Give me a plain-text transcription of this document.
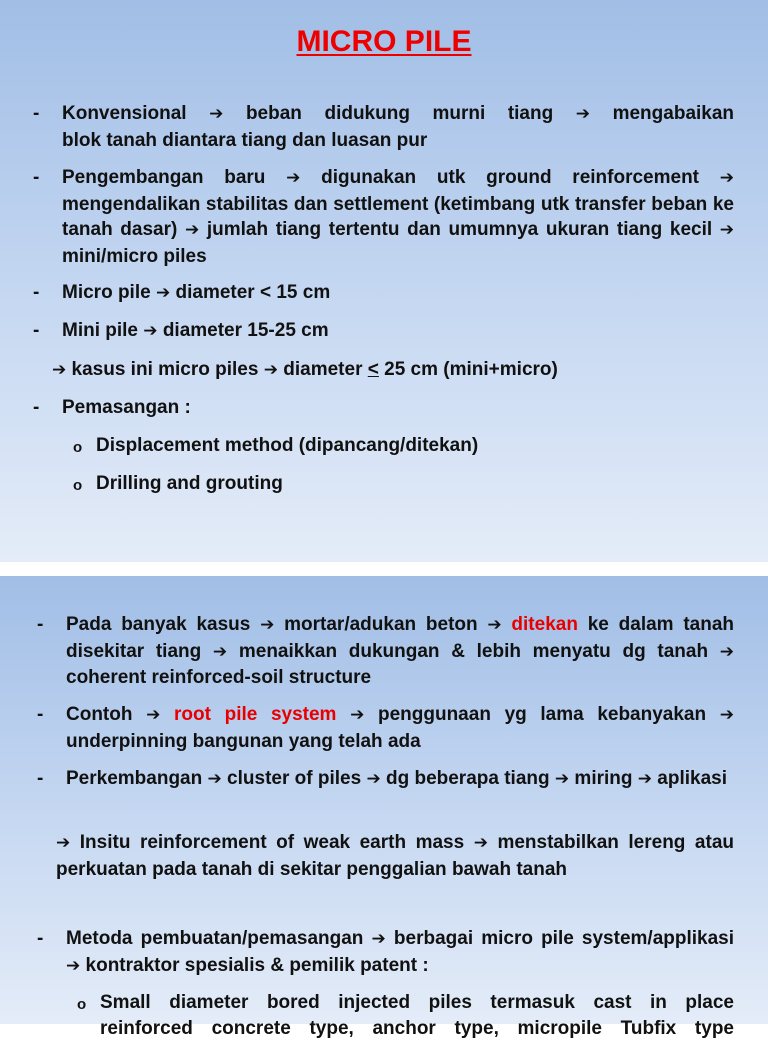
MICRO PILE
- Konvensional ➔ beban didukung murni tiang ➔ mengabaikan
blok tanah diantara tiang dan luasan pur
- Pengembangan baru ➔ digunakan utk ground reinforcement ➔ mengendalikan stabilitas dan settlement (ketimbang utk transfer beban ke tanah dasar) ➔ jumlah tiang tertentu dan umumnya ukuran tiang kecil ➔ mini/micro piles
- Micro pile ➔ diameter < 15 cm
- Mini pile ➔ diameter 15-25 cm
➔ kasus ini micro piles ➔ diameter < 25 cm (mini+micro)
- Pemasangan :
o Displacement method (dipancang/ditekan)
o Drilling and grouting
- Pada banyak kasus ➔ mortar/adukan beton ➔ ditekan ke dalam tanah disekitar tiang ➔ menaikkan dukungan & lebih menyatu dg tanah ➔ coherent reinforced-soil structure
- Contoh ➔ root pile system ➔ penggunaan yg lama kebanyakan ➔ underpinning bangunan yang telah ada
- Perkembangan ➔ cluster of piles ➔ dg beberapa tiang ➔ miring ➔ aplikasi
➔ Insitu reinforcement of weak earth mass ➔ menstabilkan lereng atau perkuatan pada tanah di sekitar penggalian bawah tanah
- Metoda pembuatan/pemasangan ➔ berbagai micro pile system/applikasi ➔ kontraktor spesialis & pemilik patent :
o Small diameter bored injected piles termasuk cast in place
reinforced concrete type, anchor type, micropile Tubfix type
